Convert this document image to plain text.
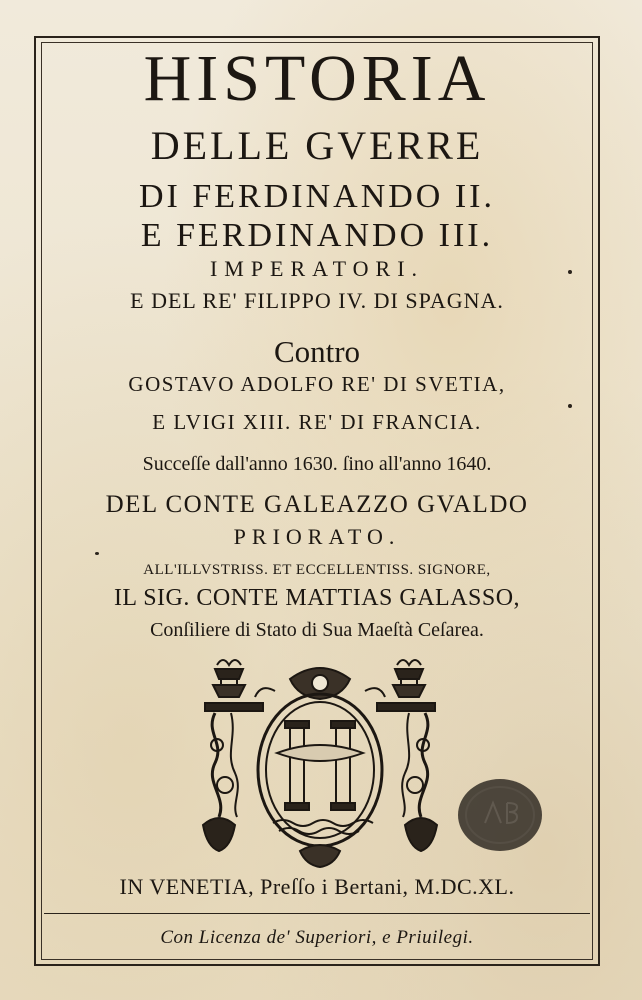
HISTORIA
DELLE GVERRE
DI FERDINANDO II.
E FERDINANDO III.
IMPERATORI.
E DEL RE' FILIPPO IV. DI SPAGNA.
Contro
GOSTAVO ADOLFO RE' DI SVETIA,
E LVIGI XIII. RE' DI FRANCIA.
Succeſſe dall'anno 1630. ſino all'anno 1640.
DEL CONTE GALEAZZO GVALDO
PRIORATO.
ALL'ILLVSTRISS. ET ECCELLENTISS. SIGNORE,
IL SIG. CONTE MATTIAS GALASSO,
Conſiliere di Stato di Sua Maeſtà Ceſarea.
IN VENETIA, Preſſo i Bertani, M.DC.XL.
Con Licenza de' Superiori, e Priuilegi.
